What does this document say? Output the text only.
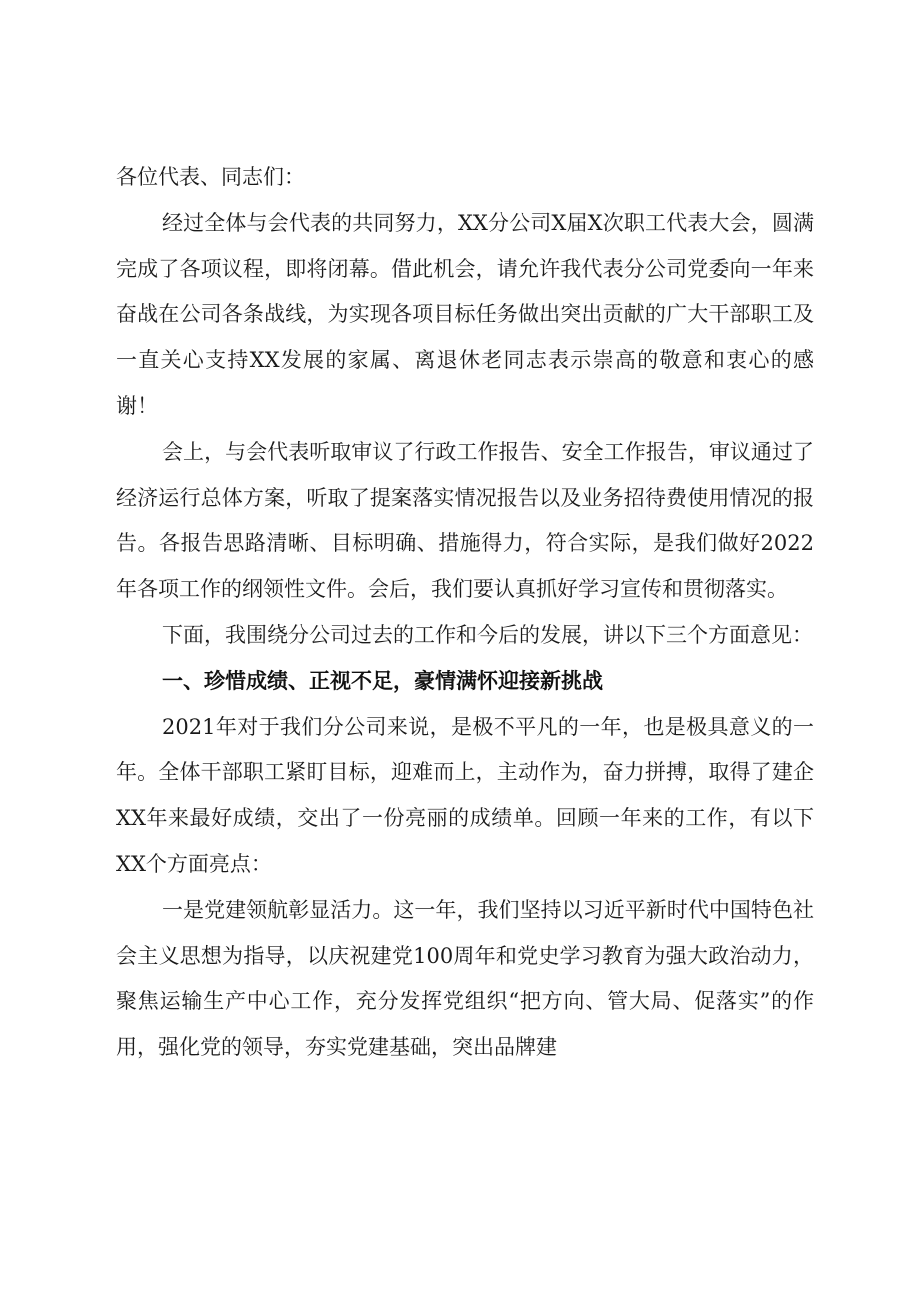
各位代表、同志们：

经过全体与会代表的共同努力，XX分公司X届X次职工代表大会，圆满完成了各项议程，即将闭幕。借此机会，请允许我代表分公司党委向一年来奋战在公司各条战线，为实现各项目标任务做出突出贡献的广大干部职工及一直关心支持XX发展的家属、离退休老同志表示崇高的敬意和衷心的感谢！

会上，与会代表听取审议了行政工作报告、安全工作报告，审议通过了经济运行总体方案，听取了提案落实情况报告以及业务招待费使用情况的报告。各报告思路清晰、目标明确、措施得力，符合实际，是我们做好2022年各项工作的纲领性文件。会后，我们要认真抓好学习宣传和贯彻落实。

下面，我围绕分公司过去的工作和今后的发展，讲以下三个方面意见：

一、珍惜成绩、正视不足，豪情满怀迎接新挑战

2021年对于我们分公司来说，是极不平凡的一年，也是极具意义的一年。全体干部职工紧盯目标，迎难而上，主动作为，奋力拼搏，取得了建企XX年来最好成绩，交出了一份亮丽的成绩单。回顾一年来的工作，有以下XX个方面亮点：

一是党建领航彰显活力。这一年，我们坚持以习近平新时代中国特色社会主义思想为指导，以庆祝建党100周年和党史学习教育为强大政治动力，聚焦运输生产中心工作，充分发挥党组织“把方向、管大局、促落实”的作用，强化党的领导，夯实党建基础，突出品牌建
